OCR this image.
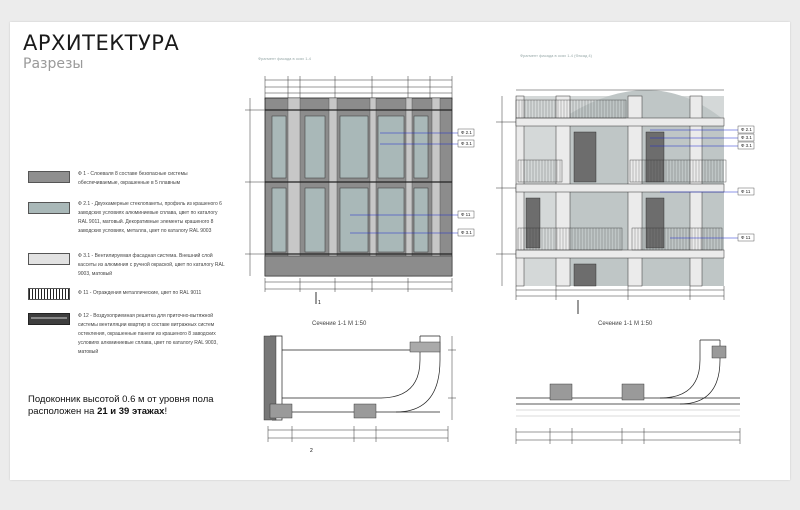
АРХИТЕКТУРА
Разрезы
Ф 1 - Слоеваля 8 составе безопасные системы обеспечиваемые, окрашенные в 5 плавным
Ф 2.1 - Двухкамерные стеклопакеты, профиль из крашеного 6 заводских условиях алюминиевые сплава, цвет по каталогу RAL 9011, матовый. Декоративные элементы крашеного 8 заводских условиях, металла, цвет по каталогу RAL 9003
Ф 3.1 - Вентилируемая фасадная система. Внешний слой кассеты из алюминия с ручной окраской, цвет по каталогу RAL 9003, матовый
Ф 11 - Ограждения металлические, цвет по RAL 9011
Ф 12 - Воздухоприемная решетка для приточно-вытяжной системы вентиляции квартир в составе витражных систем остекления, окрашенные панели из крашеного 8 заводских условиях алюминиевые сплава, цвет по каталогу RAL 9003, матовый
Подоконник высотой 0.6 м от уровня пола
расположен на 21 и 39 этажах!
Фрагмент фасада в осях 1-4
Фрагмент фасада в осях 1-4 (Фасад 4)
1
Ф 2.1
Ф 3.1
Ф 11
Ф 3.1
Ф 2.1
Ф 3.1
Ф 3.1
Ф 11
Ф 11
Сечение 1-1 М 1:50
2
Сечение 1-1 М 1:50
